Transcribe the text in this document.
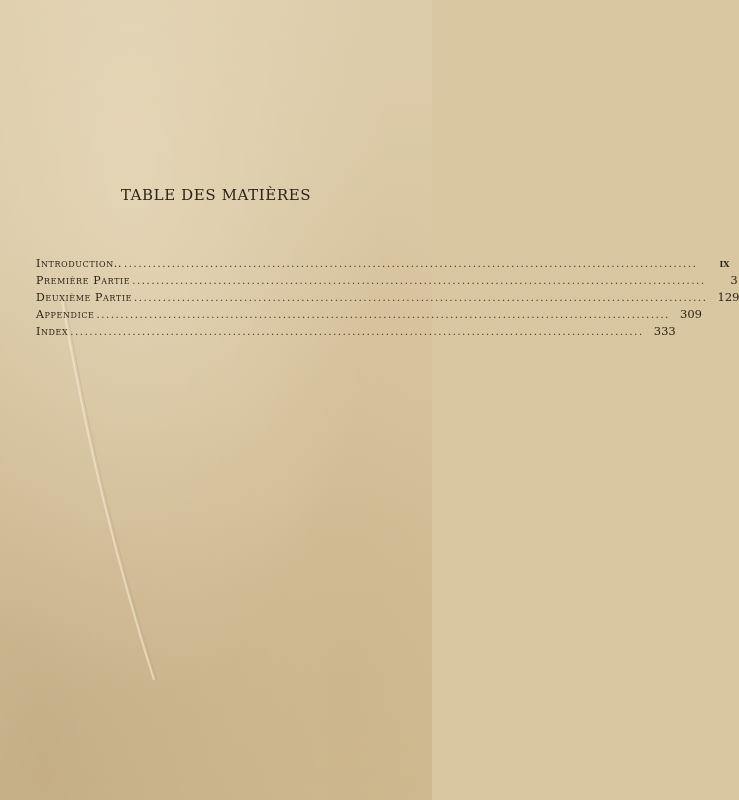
TABLE DES MATIÈRES
Introduction.. ........................................................................................................................	ix
Première Partie ........................................................................................................................	3
Deuxième Partie ........................................................................................................................ 129
Appendice ........................................................................................................................ 309
Index ........................................................................................................................ 333
